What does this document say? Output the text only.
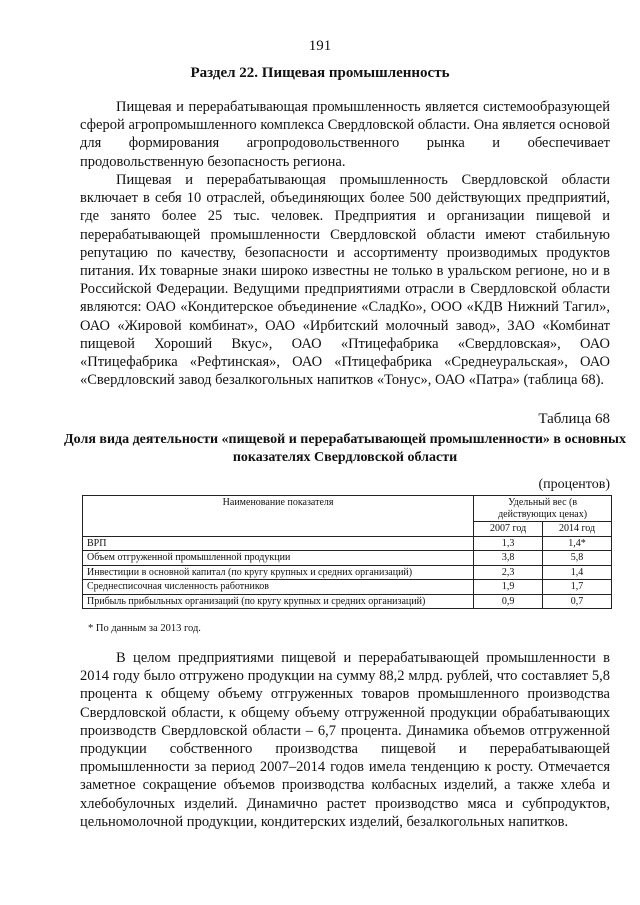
191
Раздел 22. Пищевая промышленность
Пищевая и перерабатывающая промышленность является системообразующей сферой агропромышленного комплекса Свердловской области. Она является основой для формирования агропродовольственного рынка и обеспечивает продовольственную безопасность региона.
Пищевая и перерабатывающая промышленность Свердловской области включает в себя 10 отраслей, объединяющих более 500 действующих предприятий, где занято более 25 тыс. человек. Предприятия и организации пищевой и перерабатывающей промышленности Свердловской области имеют стабильную репутацию по качеству, безопасности и ассортименту производимых продуктов питания. Их товарные знаки широко известны не только в уральском регионе, но и в Российской Федерации. Ведущими предприятиями отрасли в Свердловской области являются: ОАО «Кондитерское объединение «СладКо», ООО «КДВ Нижний Тагил», ОАО «Жировой комбинат», ОАО «Ирбитский молочный завод», ЗАО «Комбинат пищевой Хороший Вкус», ОАО «Птицефабрика «Свердловская», ОАО «Птицефабрика «Рефтинская», ОАО «Птицефабрика «Среднеуральская», ОАО «Свердловский завод безалкогольных напитков «Тонус», ОАО «Патра» (таблица 68).
Таблица 68
Доля вида деятельности «пищевой и перерабатывающей промышленности» в основных показателях Свердловской области
(процентов)
Наименование показателя	Удельный вес (в действующих ценах)	
	2007 год	2014 год
ВРП	1,3	1,4*
Объем отгруженной промышленной продукции	3,8	5,8
Инвестиции в основной капитал (по кругу крупных и средних организаций)	2,3	1,4
Среднесписочная численность работников	1,9	1,7
Прибыль прибыльных организаций (по кругу крупных и средних организаций)	0,9	0,7
* По данным за 2013 год.
В целом предприятиями пищевой и перерабатывающей промышленности в 2014 году было отгружено продукции на сумму 88,2 млрд. рублей, что составляет 5,8 процента к общему объему отгруженных товаров промышленного производства Свердловской области, к общему объему отгруженной продукции обрабатывающих производств Свердловской области – 6,7 процента. Динамика объемов отгруженной продукции собственного производства пищевой и перерабатывающей промышленности за период 2007–2014 годов имела тенденцию к росту. Отмечается заметное сокращение объемов производства колбасных изделий, а также хлеба и хлебобулочных изделий. Динамично растет производство мяса и субпродуктов, цельномолочной продукции, кондитерских изделий, безалкогольных напитков.
